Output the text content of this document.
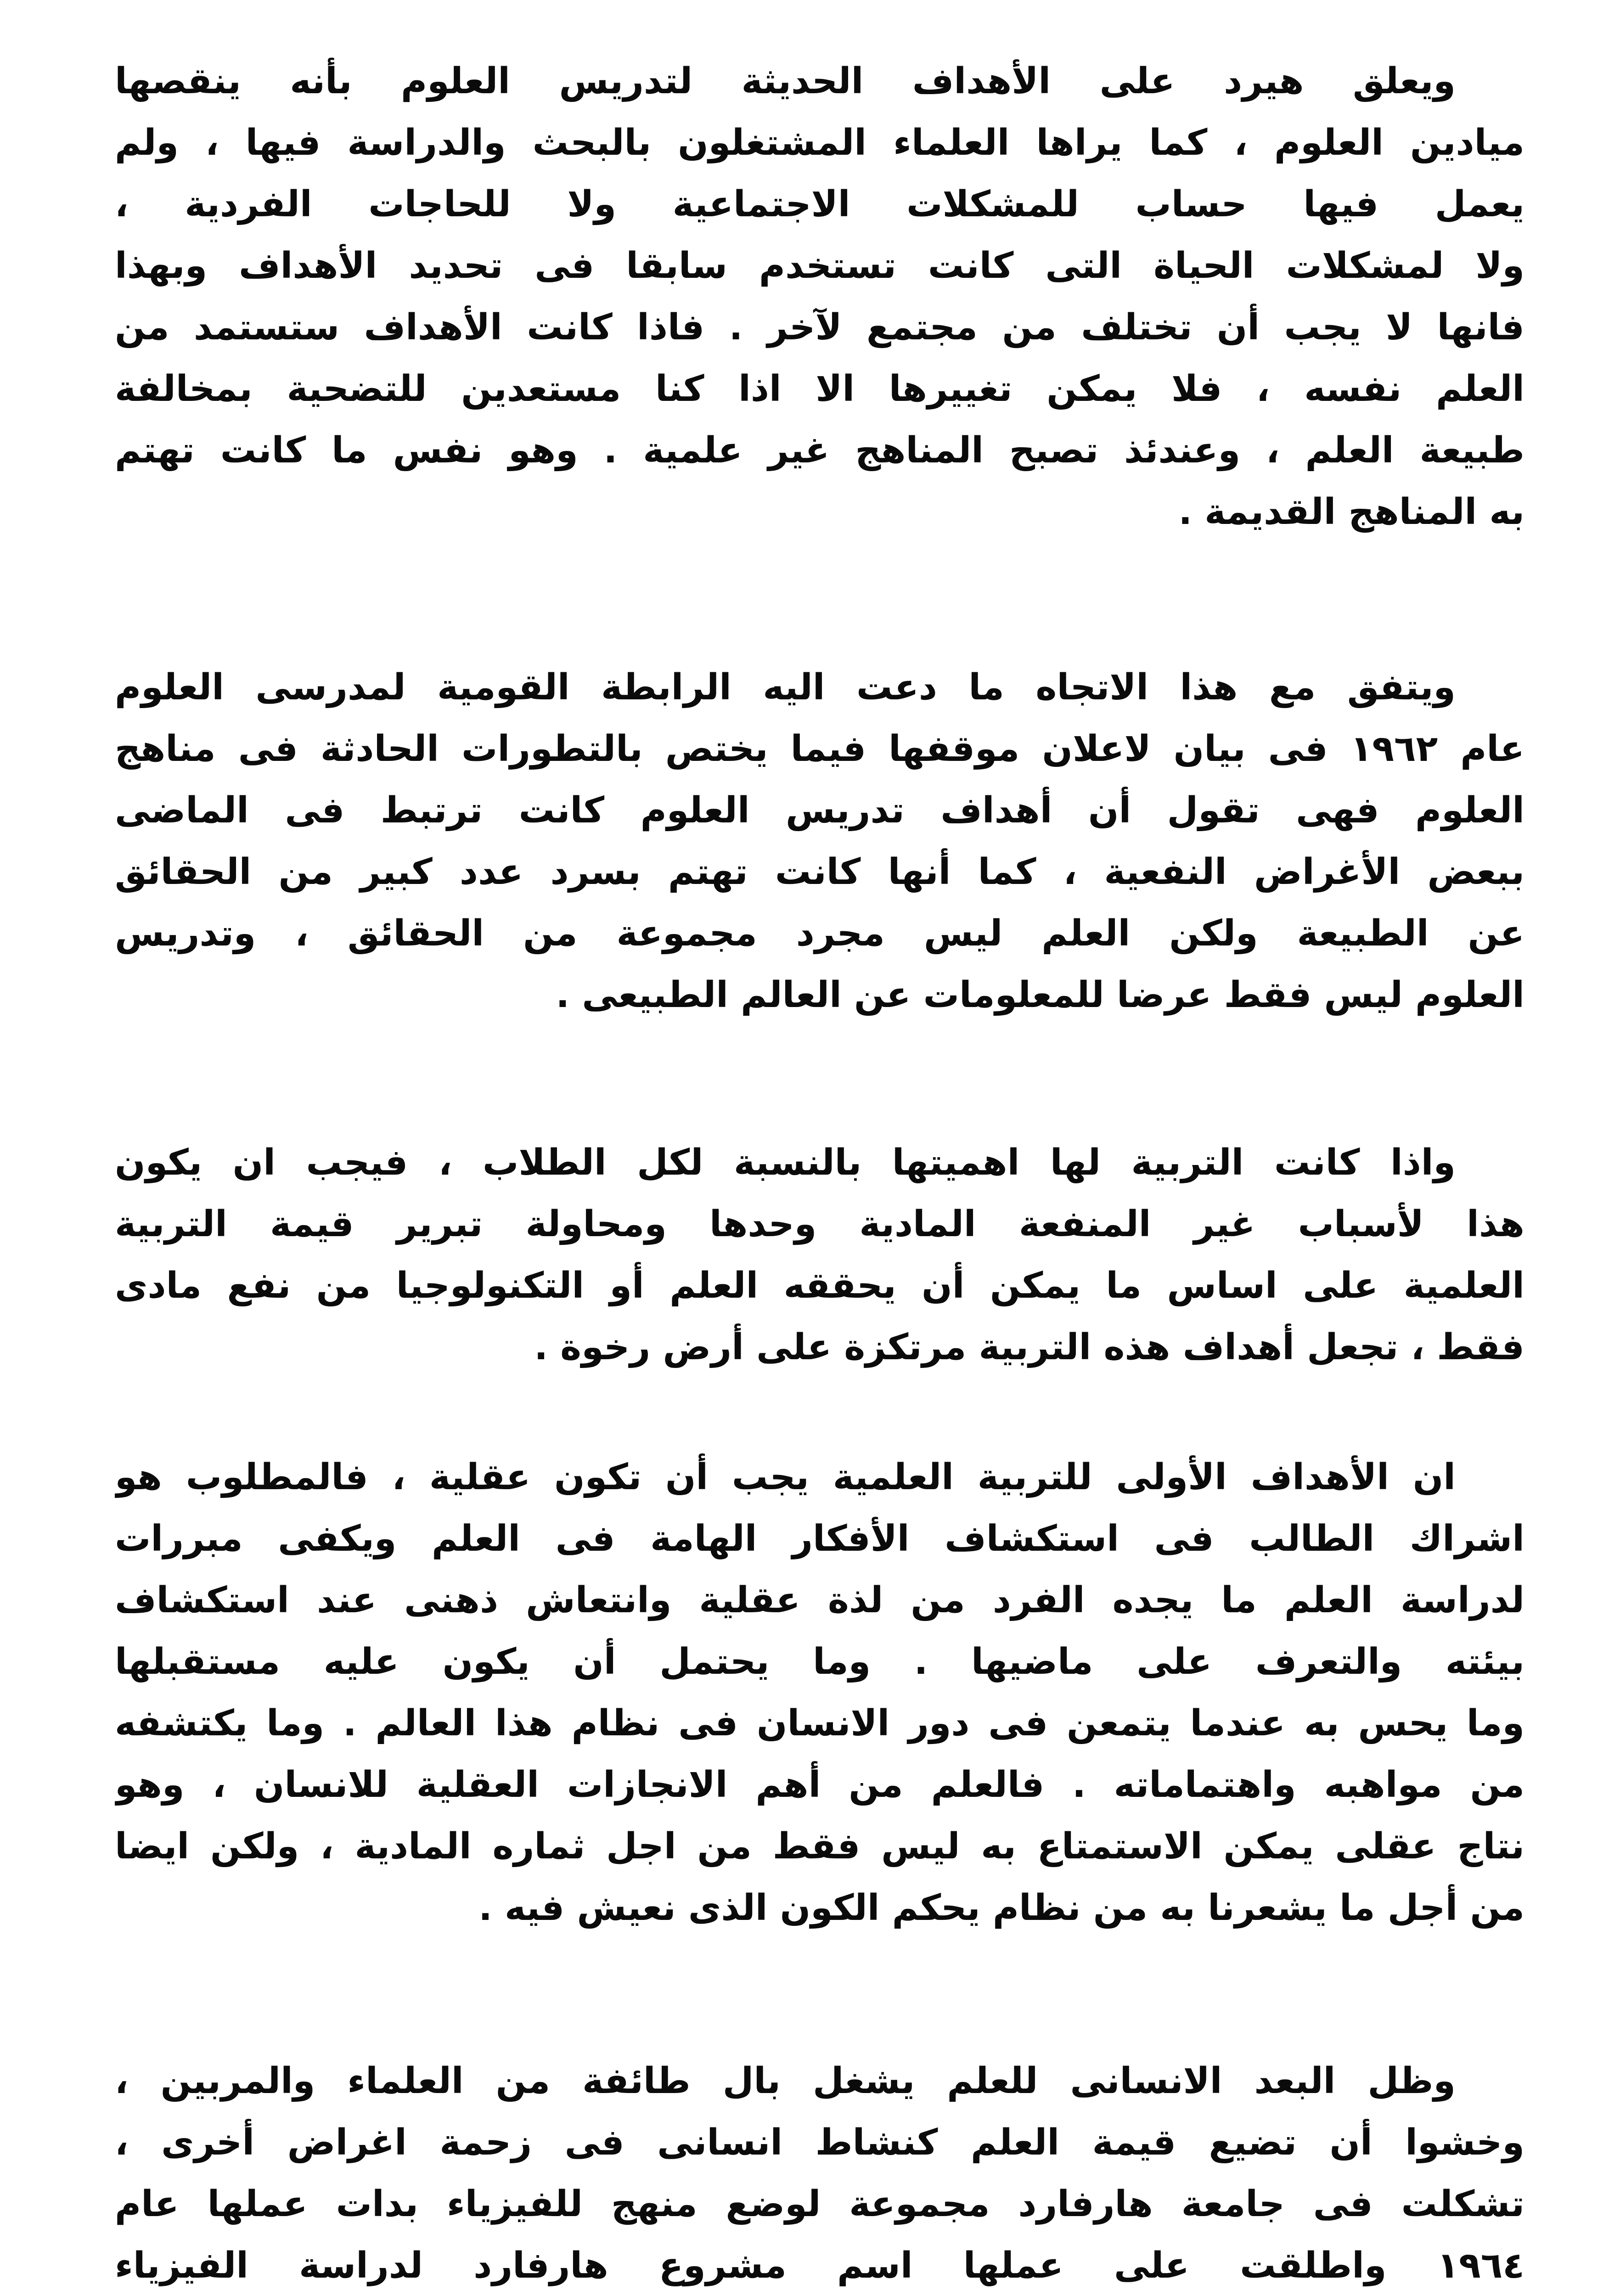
ويعلق هيرد على الأهداف الحديثة لتدريس العلوم بأنه ينقصها
ميادين العلوم ، كما يراها العلماء المشتغلون بالبحث والدراسة فيها ، ولم
يعمل فيها حساب للمشكلات الاجتماعية ولا للحاجات الفردية ،
ولا لمشكلات الحياة التى كانت تستخدم سابقا فى تحديد الأهداف وبهذا
فانها لا يجب أن تختلف من مجتمع لآخر . فاذا كانت الأهداف ستستمد من
العلم نفسه ، فلا يمكن تغييرها الا اذا كنا مستعدين للتضحية بمخالفة
طبيعة العلم ، وعندئذ تصبح المناهج غير علمية . وهو نفس ما كانت تهتم
به المناهج القديمة .
ويتفق مع هذا الاتجاه ما دعت اليه الرابطة القومية لمدرسى العلوم
عام ١٩٦٢ فى بيان لاعلان موقفها فيما يختص بالتطورات الحادثة فى مناهج
العلوم فهى تقول أن أهداف تدريس العلوم كانت ترتبط فى الماضى
ببعض الأغراض النفعية ، كما أنها كانت تهتم بسرد عدد كبير من الحقائق
عن الطبيعة ولكن العلم ليس مجرد مجموعة من الحقائق ، وتدريس
العلوم ليس فقط عرضا للمعلومات عن العالم الطبيعى .
واذا كانت التربية لها اهميتها بالنسبة لكل الطلاب ، فيجب ان يكون
هذا لأسباب غير المنفعة المادية وحدها ومحاولة تبرير قيمة التربية
العلمية على اساس ما يمكن أن يحققه العلم أو التكنولوجيا من نفع مادى
فقط ، تجعل أهداف هذه التربية مرتكزة على أرض رخوة .
ان الأهداف الأولى للتربية العلمية يجب أن تكون عقلية ، فالمطلوب هو
اشراك الطالب فى استكشاف الأفكار الهامة فى العلم ويكفى مبررات
لدراسة العلم ما يجده الفرد من لذة عقلية وانتعاش ذهنى عند استكشاف
بيئته والتعرف على ماضيها . وما يحتمل أن يكون عليه مستقبلها
وما يحس به عندما يتمعن فى دور الانسان فى نظام هذا العالم . وما يكتشفه
من مواهبه واهتماماته . فالعلم من أهم الانجازات العقلية للانسان ، وهو
نتاج عقلى يمكن الاستمتاع به ليس فقط من اجل ثماره المادية ، ولكن ايضا
من أجل ما يشعرنا به من نظام يحكم الكون الذى نعيش فيه .
وظل البعد الانسانى للعلم يشغل بال طائفة من العلماء والمربين ،
وخشوا أن تضيع قيمة العلم كنشاط انسانى فى زحمة اغراض أخرى ،
تشكلت فى جامعة هارفارد مجموعة لوضع منهج للفيزياء بدات عملها عام
١٩٦٤ واطلقت على عملها اسم مشروع هارفارد لدراسة الفيزياء
